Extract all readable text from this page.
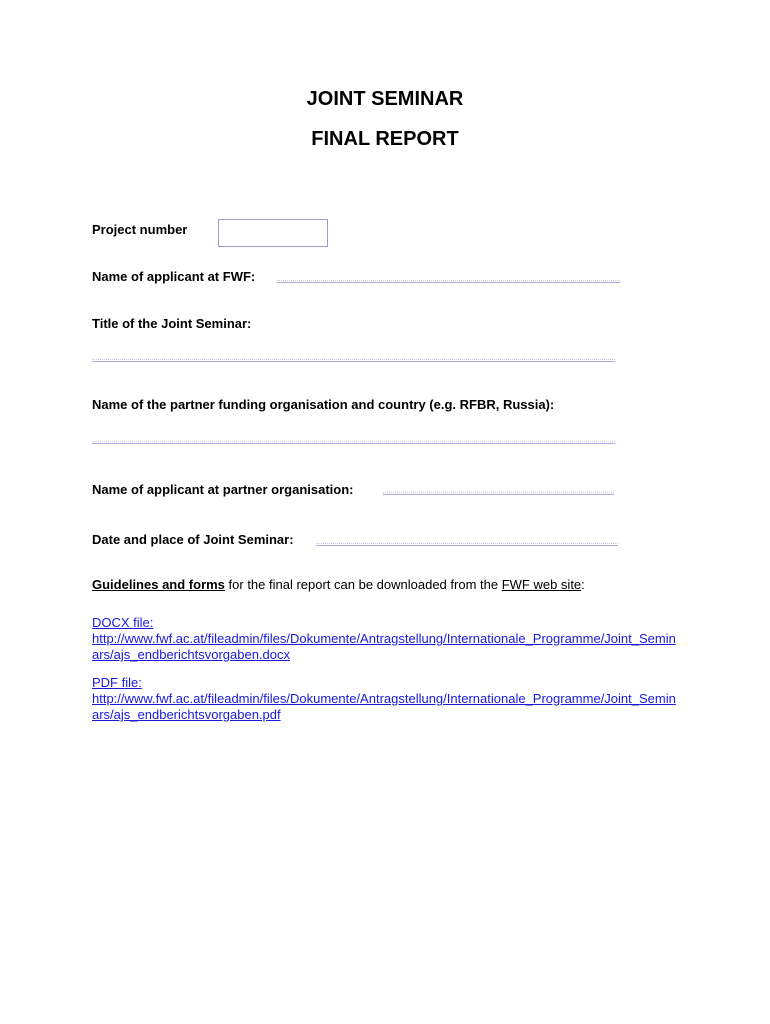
JOINT SEMINAR
FINAL REPORT
Project number
Name of applicant at FWF:
Title of the Joint Seminar:
Name of the partner funding organisation and country (e.g. RFBR, Russia):
Name of applicant at partner organisation:
Date and place of Joint Seminar:
Guidelines and forms for the final report can be downloaded from the FWF web site:
DOCX file:
http://www.fwf.ac.at/fileadmin/files/Dokumente/Antragstellung/Internationale_Programme/Joint_Seminars/ajs_endberichtsvorgaben.docx
PDF file:
http://www.fwf.ac.at/fileadmin/files/Dokumente/Antragstellung/Internationale_Programme/Joint_Seminars/ajs_endberichtsvorgaben.pdf
